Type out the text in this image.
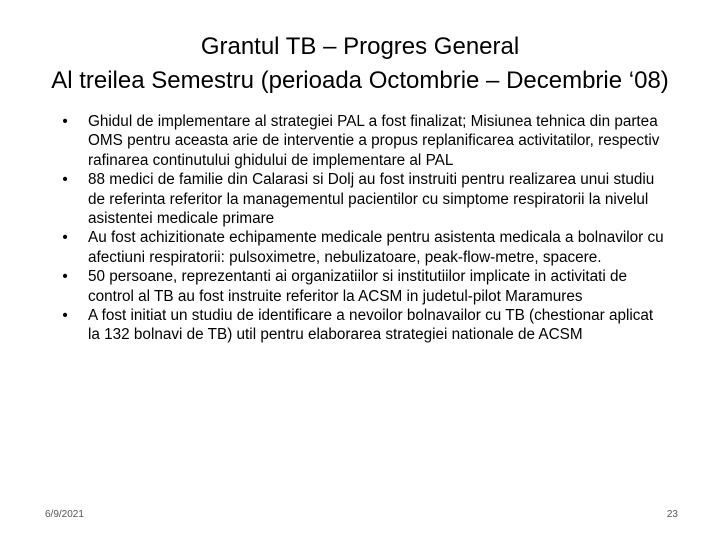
Grantul TB – Progres General
Al treilea Semestru (perioada Octombrie – Decembrie ‘08)
• Ghidul de implementare al strategiei PAL a fost finalizat; Misiunea tehnica din partea OMS pentru aceasta arie de interventie a propus replanificarea activitatilor, respectiv rafinarea continutului ghidului de implementare al PAL
• 88 medici de familie din Calarasi si Dolj au fost instruiti pentru realizarea unui studiu de referinta referitor la managementul pacientilor cu simptome respiratorii la nivelul asistentei medicale primare
• Au fost achizitionate echipamente medicale pentru asistenta medicala a bolnavilor cu afectiuni respiratorii: pulsoximetre, nebulizatoare, peak-flow-metre, spacere.
• 50 persoane, reprezentanti ai organizatiilor si institutiilor implicate in activitati de control al TB au fost instruite referitor la ACSM in judetul-pilot Maramures
• A fost initiat un studiu de identificare a nevoilor bolnavailor cu TB (chestionar aplicat la 132 bolnavi de TB) util pentru elaborarea strategiei nationale de ACSM
6/9/2021	23
